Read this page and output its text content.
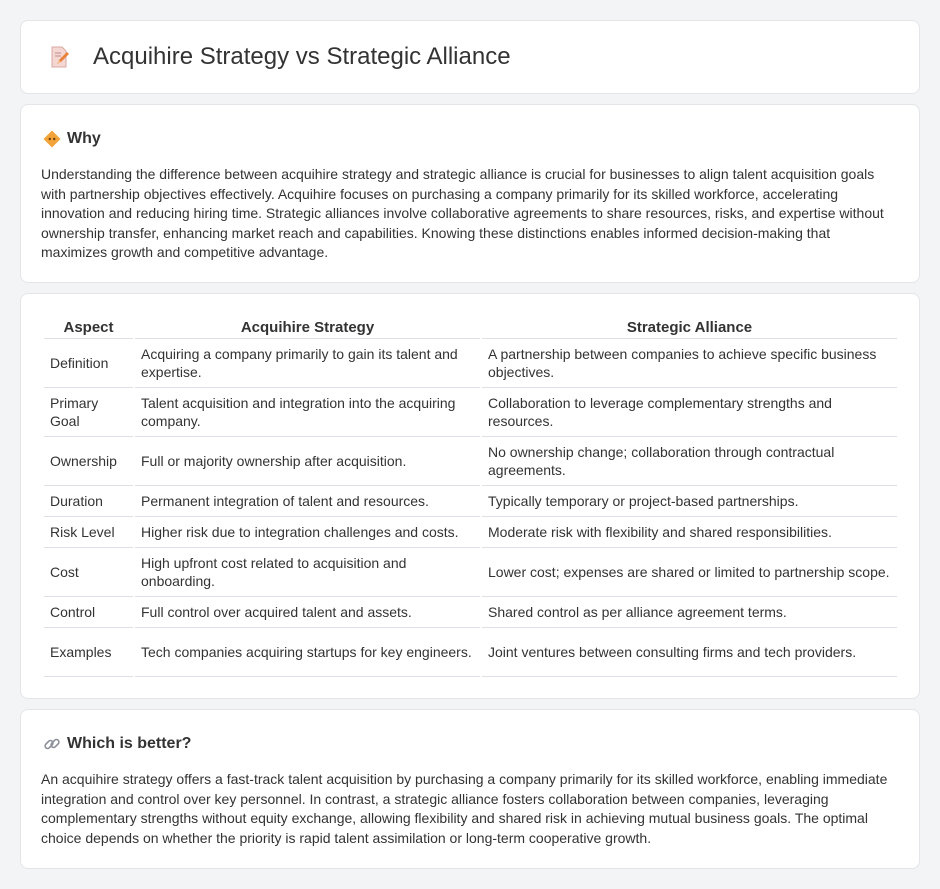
Acquihire Strategy vs Strategic Alliance
Why

Understanding the difference between acquihire strategy and strategic alliance is crucial for businesses to align talent acquisition goals with partnership objectives effectively. Acquihire focuses on purchasing a company primarily for its skilled workforce, accelerating innovation and reducing hiring time. Strategic alliances involve collaborative agreements to share resources, risks, and expertise without ownership transfer, enhancing market reach and capabilities. Knowing these distinctions enables informed decision-making that maximizes growth and competitive advantage.

Aspect	Acquihire Strategy	Strategic Alliance
Definition	Acquiring a company primarily to gain its talent and expertise.	A partnership between companies to achieve specific business objectives.
Primary Goal	Talent acquisition and integration into the acquiring company.	Collaboration to leverage complementary strengths and resources.
Ownership	Full or majority ownership after acquisition.	No ownership change; collaboration through contractual agreements.
Duration	Permanent integration of talent and resources.	Typically temporary or project-based partnerships.
Risk Level	Higher risk due to integration challenges and costs.	Moderate risk with flexibility and shared responsibilities.
Cost	High upfront cost related to acquisition and onboarding.	Lower cost; expenses are shared or limited to partnership scope.
Control	Full control over acquired talent and assets.	Shared control as per alliance agreement terms.
Examples	Tech companies acquiring startups for key engineers.	Joint ventures between consulting firms and tech providers.
Which is better?

An acquihire strategy offers a fast-track talent acquisition by purchasing a company primarily for its skilled workforce, enabling immediate integration and control over key personnel. In contrast, a strategic alliance fosters collaboration between companies, leveraging complementary strengths without equity exchange, allowing flexibility and shared risk in achieving mutual business goals. The optimal choice depends on whether the priority is rapid talent assimilation or long-term cooperative growth.
